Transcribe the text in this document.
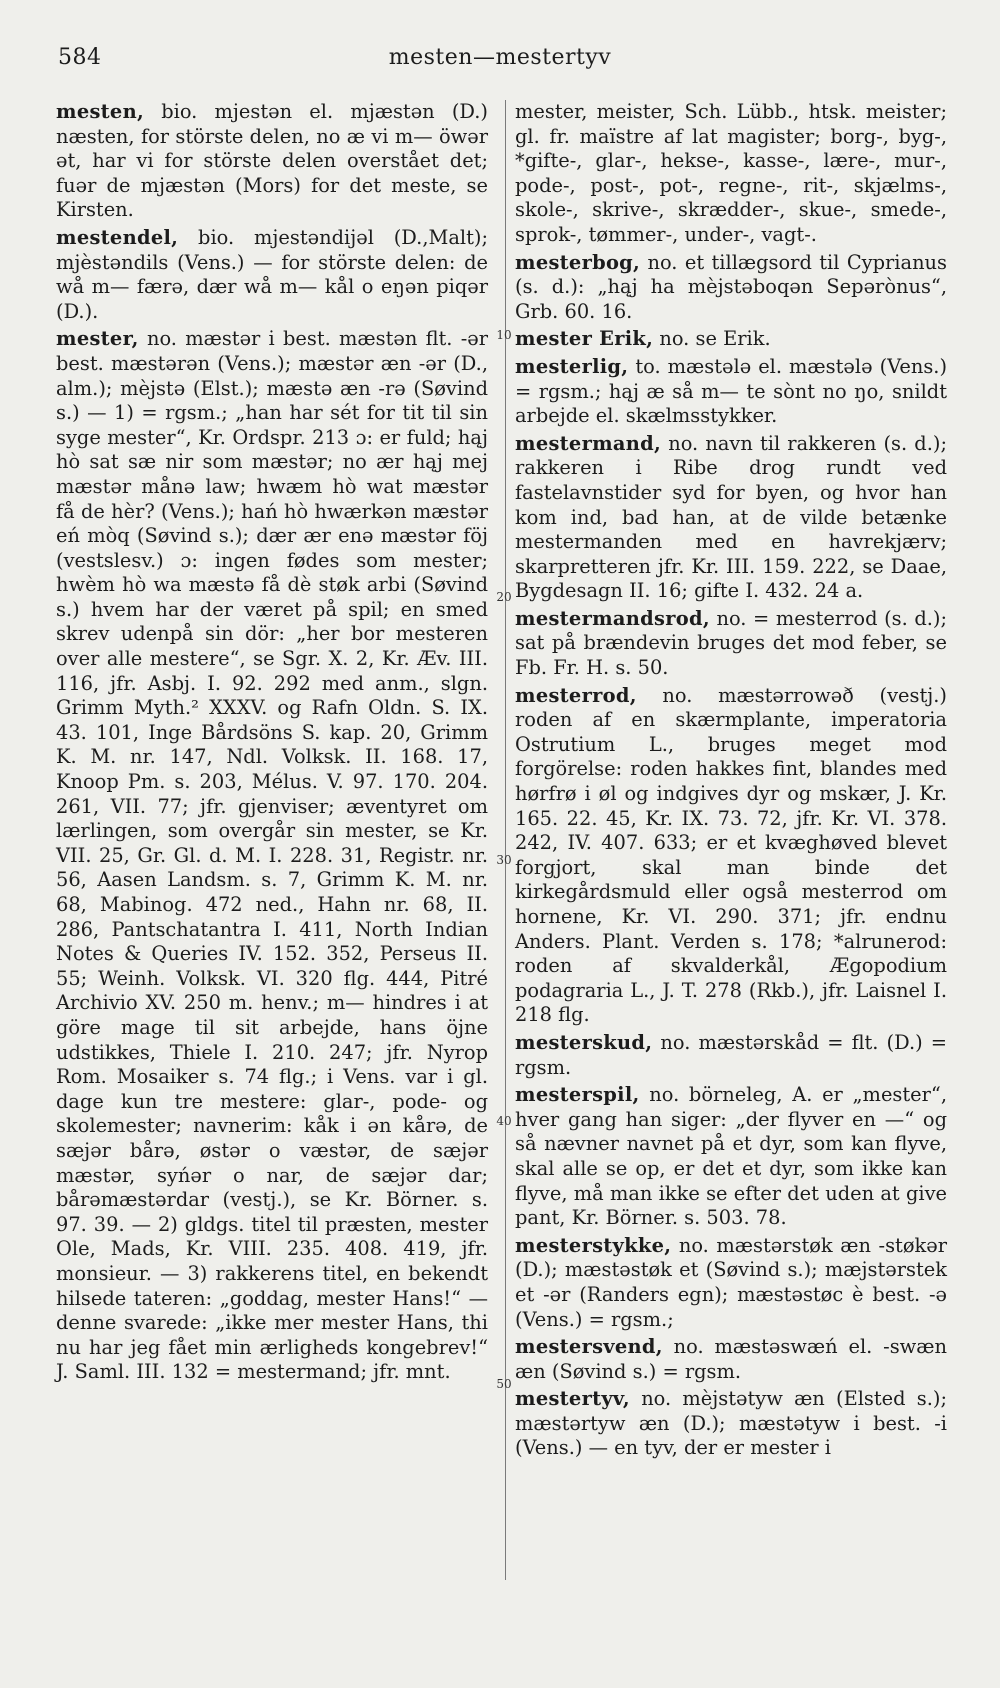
584	mesten—mestertyv

mesten, bio. mjestən el. mjæstən (D.) næsten, for störste delen, no æ vi m— öwər ət, har vi for störste delen overstået det; fuər de mjæstən (Mors) for det meste, se Kirsten.

mestendel, bio. mjestəndijəl (D.,Malt); mjèstəndils (Vens.) — for störste delen: de wå m— færə, dær wå m— kål o eŋən piqər (D.).

mester, no. mæstər i best. mæstən flt. -ər best. mæstərən (Vens.); mæstər æn -ər (D., alm.); mèjstə (Elst.); mæstə æn -rə (Søvind s.) — 1) = rgsm.; „han har sét for tit til sin syge mester“, Kr. Ordspr. 213 ɔ: er fuld; hąj hò sat sæ nir som mæstər; no ær hąj mej mæstər månə law; hwæm hò wat mæstər få de hèr? (Vens.); hań hò hwærkən mæstər eń mòq (Søvind s.); dær ær enə mæstər föj (vestslesv.) ɔ: ingen fødes som mester; hwèm hò wa mæstə få dè støk arbi (Søvind s.) hvem har der været på spil; en smed skrev udenpå sin dör: „her bor mesteren over alle mestere“, se Sgr. X. 2, Kr. Æv. III. 116, jfr. Asbj. I. 92. 292 med anm., slgn. Grimm Myth.² XXXV. og Rafn Oldn. S. IX. 43. 101, Inge Bårdsöns S. kap. 20, Grimm K. M. nr. 147, Ndl. Volksk. II. 168. 17, Knoop Pm. s. 203, Mélus. V. 97. 170. 204. 261, VII. 77; jfr. gjenviser; æventyret om lærlingen, som overgår sin mester, se Kr. VII. 25, Gr. Gl. d. M. I. 228. 31, Registr. nr. 56, Aasen Landsm. s. 7, Grimm K. M. nr. 68, Mabinog. 472 ned., Hahn nr. 68, II. 286, Pantschatantra I. 411, North Indian Notes & Queries IV. 152. 352, Perseus II. 55; Weinh. Volksk. VI. 320 flg. 444, Pitré Archivio XV. 250 m. henv.; m— hindres i at göre mage til sit arbejde, hans öjne udstikkes, Thiele I. 210. 247; jfr. Nyrop Rom. Mosaiker s. 74 flg.; i Vens. var i gl. dage kun tre mestere: glar-, pode- og skolemester; navnerim: kåk i ən kårə, de sæjər bårə, østər o væstər, de sæjər mæstər, syńər o nar, de sæjər dar; bårəmæstərdar (vestj.), se Kr. Börner. s. 97. 39. — 2) gldgs. titel til præsten, mester Ole, Mads, Kr. VIII. 235. 408. 419, jfr. monsieur. — 3) rakkerens titel, en bekendt hilsede tateren: „goddag, mester Hans!“ — denne svarede: „ikke mer mester Hans, thi nu har jeg fået min ærligheds kongebrev!“ J. Saml. III. 132 = mestermand; jfr. mnt.

10
20
30
40
50

mester, meister, Sch. Lübb., htsk. meister; gl. fr. maïstre af lat magister; borg-, byg-, *gifte-, glar-, hekse-, kasse-, lære-, mur-, pode-, post-, pot-, regne-, rit-, skjælms-, skole-, skrive-, skrædder-, skue-, smede-, sprok-, tømmer-, under-, vagt-.

mesterbog, no. et tillægsord til Cyprianus (s. d.): „hąj ha mèjstəboqən Sepərònus“, Grb. 60. 16.

mester Erik, no. se Erik.

mesterlig, to. mæstələ el. mæstələ (Vens.) = rgsm.; hąj æ så m— te sònt no ŋo, snildt arbejde el. skælmsstykker.

mestermand, no. navn til rakkeren (s. d.); rakkeren i Ribe drog rundt ved fastelavnstider syd for byen, og hvor han kom ind, bad han, at de vilde betænke mestermanden med en havrekjærv; skarpretteren jfr. Kr. III. 159. 222, se Daae, Bygdesagn II. 16; gifte I. 432. 24 a.

mestermandsrod, no. = mesterrod (s. d.); sat på brændevin bruges det mod feber, se Fb. Fr. H. s. 50.

mesterrod, no. mæstərrowəð (vestj.) roden af en skærmplante, imperatoria Ostrutium L., bruges meget mod forgörelse: roden hakkes fint, blandes med hørfrø i øl og indgives dyr og mskær, J. Kr. 165. 22. 45, Kr. IX. 73. 72, jfr. Kr. VI. 378. 242, IV. 407. 633; er et kvæghøved blevet forgjort, skal man binde det kirkegårdsmuld eller også mesterrod om hornene, Kr. VI. 290. 371; jfr. endnu Anders. Plant. Verden s. 178; *alrunerod: roden af skvalderkål, Ægopodium podagraria L., J. T. 278 (Rkb.), jfr. Laisnel I. 218 flg.

mesterskud, no. mæstərskåd = flt. (D.) = rgsm.

mesterspil, no. börneleg, A. er „mester“, hver gang han siger: „der flyver en —“ og så nævner navnet på et dyr, som kan flyve, skal alle se op, er det et dyr, som ikke kan flyve, må man ikke se efter det uden at give pant, Kr. Börner. s. 503. 78.

mesterstykke, no. mæstərstøk æn -støkər (D.); mæstəstøk et (Søvind s.); mæjstərstek et -ər (Randers egn); mæstəstøc è best. -ə (Vens.) = rgsm.;

mestersvend, no. mæstəswæń el. -swæn æn (Søvind s.) = rgsm.

mestertyv, no. mèjstətyw æn (Elsted s.); mæstərtyw æn (D.); mæstətyw i best. -i (Vens.) — en tyv, der er mester i
